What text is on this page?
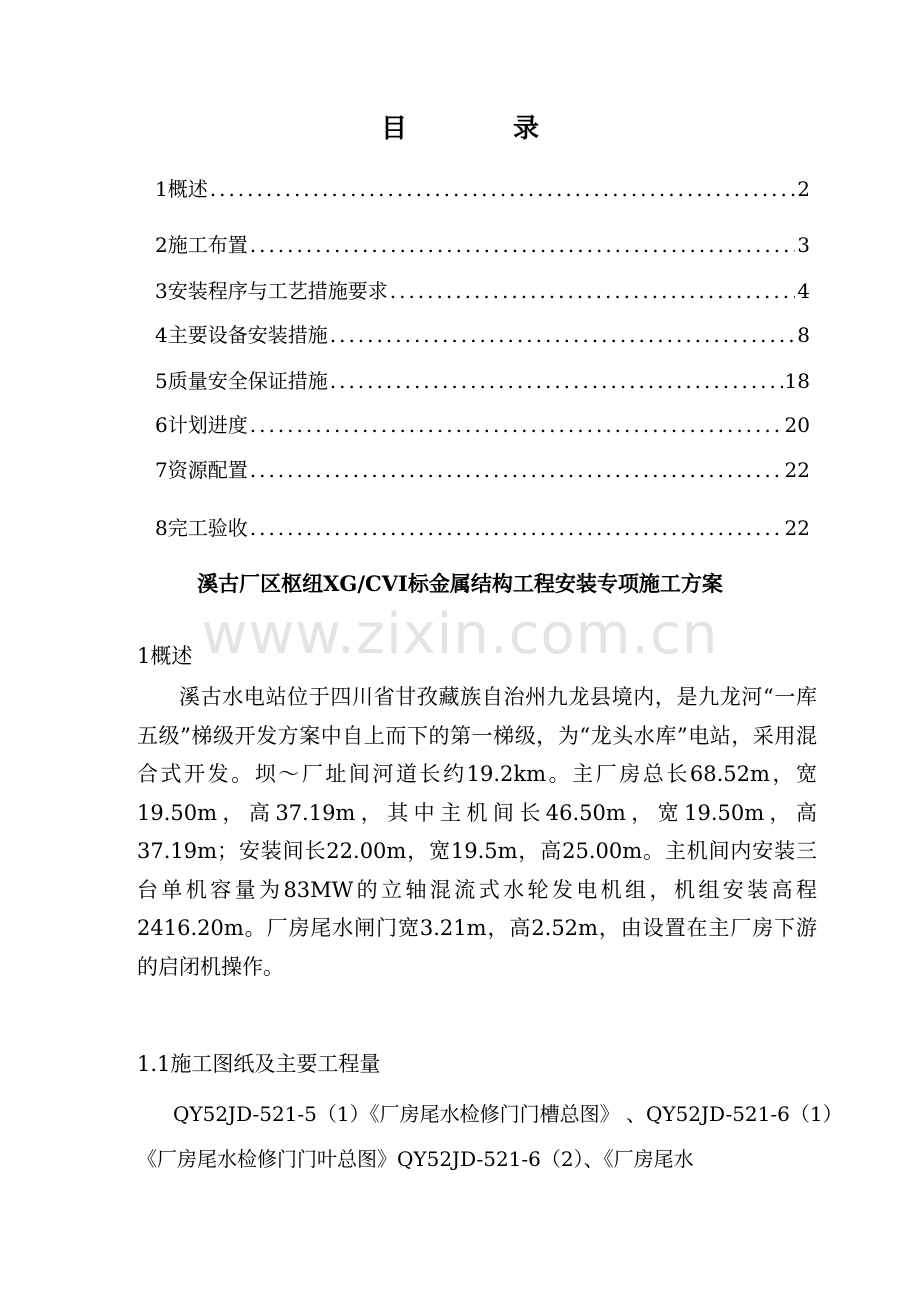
目　录
1概述 .....	2
2施工布置 .....	3
3安装程序与工艺措施要求 .....	4
4主要设备安装措施 .....	8
5质量安全保证措施 .....	18
6计划进度 .....	20
7资源配置 .....	22
8完工验收 .....	22
溪古厂区枢纽XG/CVI标金属结构工程安装专项施工方案
www.zixin.com.cn
1概述
溪古水电站位于四川省甘孜藏族自治州九龙县境内，是九龙河“一库五级”梯级开发方案中自上而下的第一梯级，为“龙头水库”电站，采用混合式开发。坝～厂址间河道长约19.2km。主厂房总长68.52m，宽19.50m，高37.19m，其中主机间长46.50m，宽19.50m，高37.19m；安装间长22.00m，宽19.5m，高25.00m。主机间内安装三台单机容量为83MW的立轴混流式水轮发电机组，机组安装高程2416.20m。厂房尾水闸门宽3.21m，高2.52m，由设置在主厂房下游的启闭机操作。
1.1施工图纸及主要工程量
QY52JD-521-5（1）《厂房尾水检修门门槽总图》 、QY52JD-521-6（1）《厂房尾水检修门门叶总图》QY52JD-521-6（2）、《厂房尾水
